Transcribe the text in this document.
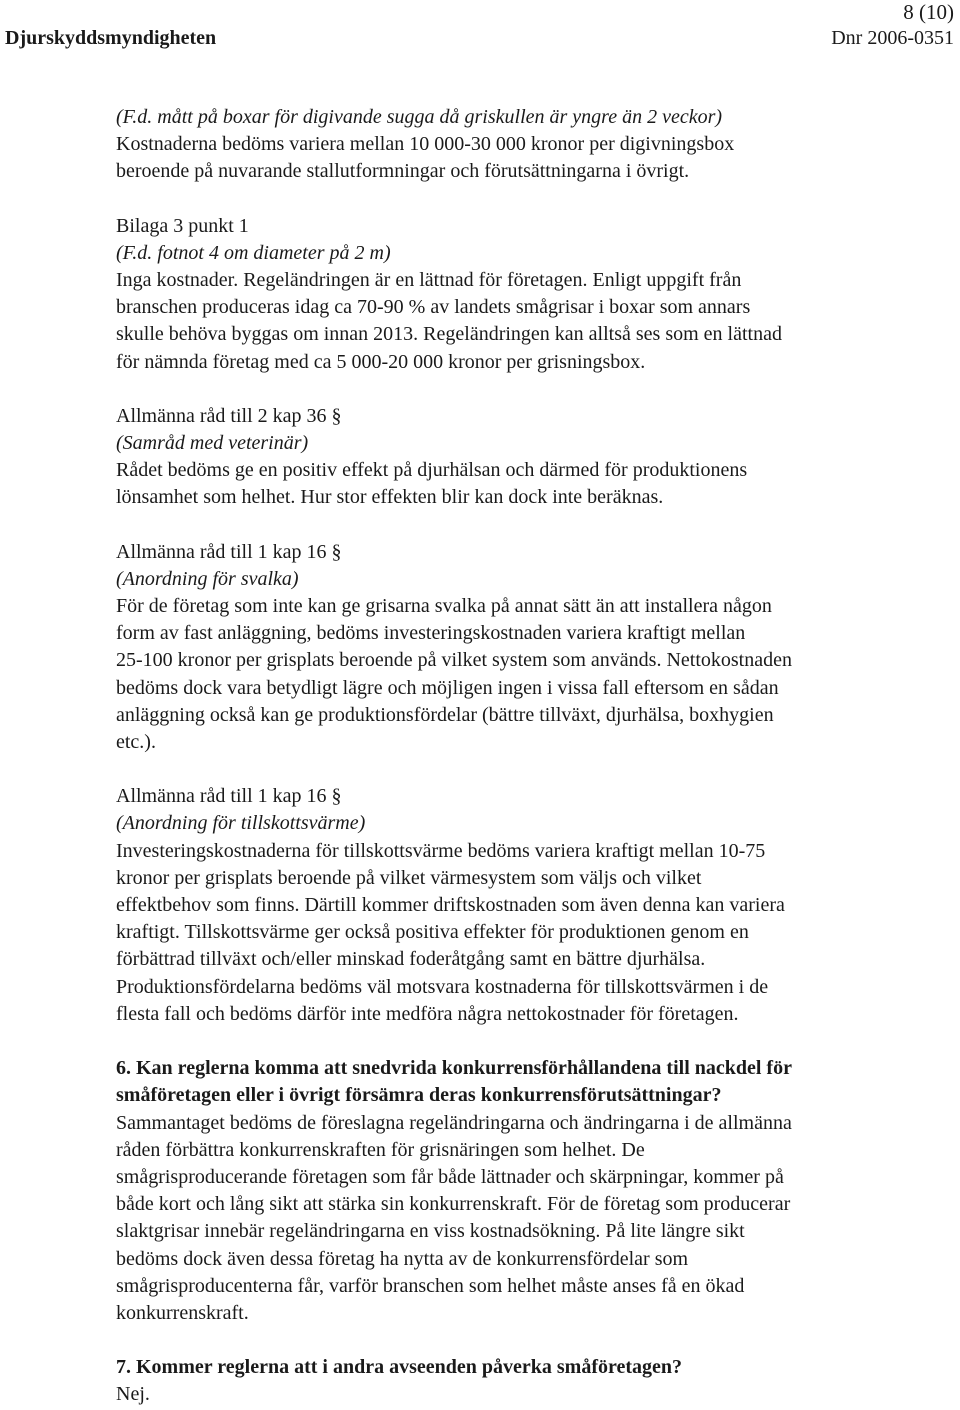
8 (10)
Djurskyddsmyndigheten	Dnr 2006-0351

(F.d. mått på boxar för digivande sugga då griskullen är yngre än 2 veckor)

Kostnaderna bedöms variera mellan 10 000-30 000 kronor per digivningsbox

beroende på nuvarande stallutformningar och förutsättningarna i övrigt.

Bilaga 3 punkt 1

(F.d. fotnot 4 om diameter på 2 m)

Inga kostnader. Regeländringen är en lättnad för företagen. Enligt uppgift från

branschen produceras idag ca 70-90 % av landets smågrisar i boxar som annars

skulle behöva byggas om innan 2013. Regeländringen kan alltså ses som en lättnad

för nämnda företag med ca 5 000-20 000 kronor per grisningsbox.

Allmänna råd till 2 kap 36 §

(Samråd med veterinär)

Rådet bedöms ge en positiv effekt på djurhälsan och därmed för produktionens

lönsamhet som helhet. Hur stor effekten blir kan dock inte beräknas.

Allmänna råd till 1 kap 16 §

(Anordning för svalka)

För de företag som inte kan ge grisarna svalka på annat sätt än att installera någon

form av fast anläggning, bedöms investeringskostnaden variera kraftigt mellan

25-100 kronor per grisplats beroende på vilket system som används. Nettokostnaden

bedöms dock vara betydligt lägre och möjligen ingen i vissa fall eftersom en sådan

anläggning också kan ge produktionsfördelar (bättre tillväxt, djurhälsa, boxhygien

etc.).

Allmänna råd till 1 kap 16 §

(Anordning för tillskottsvärme)

Investeringskostnaderna för tillskottsvärme bedöms variera kraftigt mellan 10-75

kronor per grisplats beroende på vilket värmesystem som väljs och vilket

effektbehov som finns. Därtill kommer driftskostnaden som även denna kan variera

kraftigt. Tillskottsvärme ger också positiva effekter för produktionen genom en

förbättrad tillväxt och/eller minskad foderåtgång samt en bättre djurhälsa.

Produktionsfördelarna bedöms väl motsvara kostnaderna för tillskottsvärmen i de

flesta fall och bedöms därför inte medföra några nettokostnader för företagen.

6. Kan reglerna komma att snedvrida konkurrensförhållandena till nackdel för

småföretagen eller i övrigt försämra deras konkurrensförutsättningar?

Sammantaget bedöms de föreslagna regeländringarna och ändringarna i de allmänna

råden förbättra konkurrenskraften för grisnäringen som helhet. De

smågrisproducerande företagen som får både lättnader och skärpningar, kommer på

både kort och lång sikt att stärka sin konkurrenskraft. För de företag som producerar

slaktgrisar innebär regeländringarna en viss kostnadsökning. På lite längre sikt

bedöms dock även dessa företag ha nytta av de konkurrensfördelar som

smågrisproducenterna får, varför branschen som helhet måste anses få en ökad

konkurrenskraft.

7. Kommer reglerna att i andra avseenden påverka småföretagen?

Nej.
